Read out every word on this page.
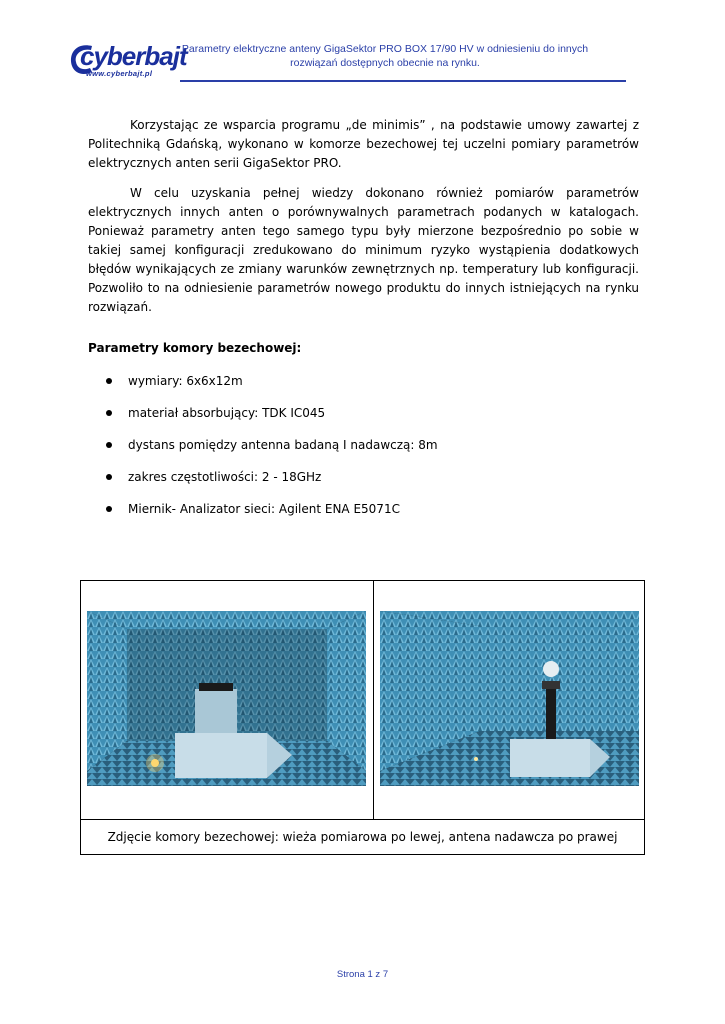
cyberbajt
www.cyberbajt.pl
Parametry elektryczne anteny GigaSektor PRO BOX 17/90 HV w odniesieniu do innych
rozwiązań dostępnych obecnie na rynku.
Korzystając ze wsparcia programu „de minimis” , na podstawie umowy zawartej z Politechniką Gdańską, wykonano w komorze bezechowej tej uczelni pomiary parametrów elektrycznych anten serii GigaSektor PRO.
W celu uzyskania pełnej wiedzy dokonano również pomiarów parametrów elektrycznych innych anten o porównywalnych parametrach podanych w katalogach. Ponieważ parametry anten tego samego typu były mierzone bezpośrednio po sobie w takiej samej konfiguracji zredukowano do minimum ryzyko wystąpienia dodatkowych błędów wynikających ze zmiany warunków zewnętrznych np. temperatury lub konfiguracji. Pozwoliło to na odniesienie parametrów nowego produktu do innych istniejących na rynku rozwiązań.
Parametry komory bezechowej:
wymiary: 6x6x12m
materiał absorbujący: TDK IC045
dystans pomiędzy antenna badaną I nadawczą: 8m
zakres częstotliwości: 2 - 18GHz
Miernik- Analizator sieci: Agilent ENA E5071C

Zdjęcie komory bezechowej: wieża pomiarowa po lewej, antena nadawcza po prawej
Strona 1 z 7
